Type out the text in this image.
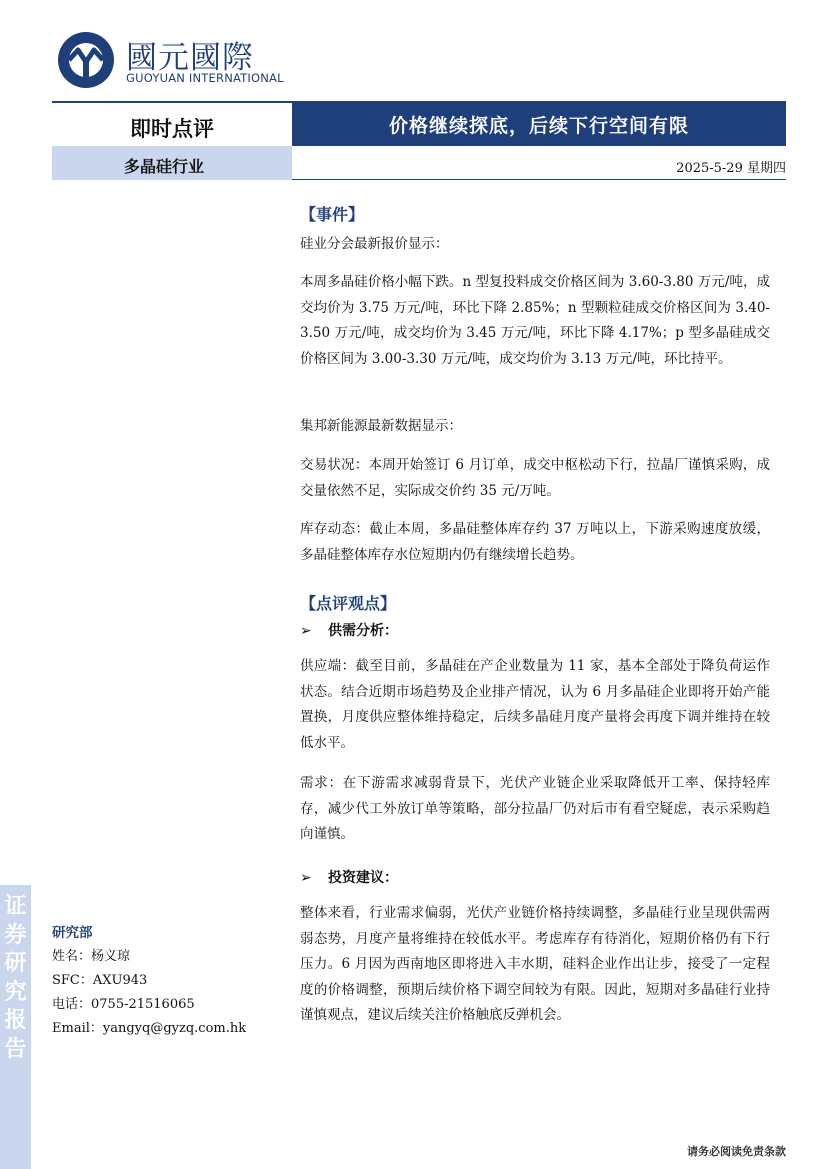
國元國際
GUOYUAN INTERNATIONAL
即时点评	价格继续探底，后续下行空间有限
多晶硅行业	2025-5-29 星期四
证券研究报告
研究部
姓名：杨义琼
SFC：AXU943
电话：0755-21516065
Email：yangyq@gyzq.com.hk
【事件】
硅业分会最新报价显示：
本周多晶硅价格小幅下跌。n 型复投料成交价格区间为 3.60-3.80 万元/吨，成交均价为 3.75 万元/吨，环比下降 2.85%；n 型颗粒硅成交价格区间为 3.40-3.50 万元/吨，成交均价为 3.45 万元/吨，环比下降 4.17%；p 型多晶硅成交价格区间为 3.00-3.30 万元/吨，成交均价为 3.13 万元/吨，环比持平。
集邦新能源最新数据显示：
交易状况：本周开始签订 6 月订单，成交中枢松动下行，拉晶厂谨慎采购，成交量依然不足，实际成交价约 35 元/万吨。
库存动态：截止本周，多晶硅整体库存约 37 万吨以上，下游采购速度放缓，多晶硅整体库存水位短期内仍有继续增长趋势。
【点评观点】
➢ 供需分析：
供应端：截至目前，多晶硅在产企业数量为 11 家，基本全部处于降负荷运作状态。结合近期市场趋势及企业排产情况，认为 6 月多晶硅企业即将开始产能置换，月度供应整体维持稳定，后续多晶硅月度产量将会再度下调并维持在较低水平。
需求：在下游需求减弱背景下，光伏产业链企业采取降低开工率、保持轻库存，减少代工外放订单等策略，部分拉晶厂仍对后市有看空疑虑，表示采购趋向谨慎。
➢ 投资建议：
整体来看，行业需求偏弱，光伏产业链价格持续调整，多晶硅行业呈现供需两弱态势，月度产量将维持在较低水平。考虑库存有待消化，短期价格仍有下行压力。6 月因为西南地区即将进入丰水期，硅料企业作出让步，接受了一定程度的价格调整，预期后续价格下调空间较为有限。因此，短期对多晶硅行业持谨慎观点，建议后续关注价格触底反弹机会。
请务必阅读免责条款
